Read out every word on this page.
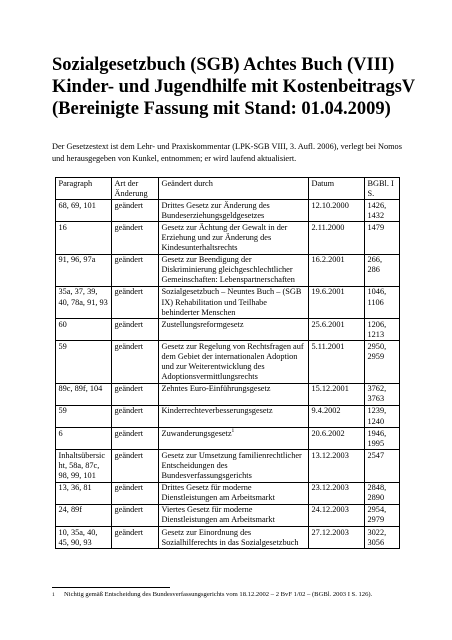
Sozialgesetzbuch (SGB) Achtes Buch (VIII)
Kinder- und Jugendhilfe mit KostenbeitragsV
(Bereinigte Fassung mit Stand: 01.04.2009)
Der Gesetzestext ist dem Lehr- und Praxiskommentar (LPK-SGB VIII, 3. Aufl. 2006), verlegt bei Nomos und herausgegeben von Kunkel, entnommen; er wird laufend aktualisiert.
Paragraph	Art der Änderung	Geändert durch	Datum	BGBl. I S.
68, 69, 101	geändert	Drittes Gesetz zur Änderung des Bundeserziehungsgeldgesetzes	12.10.2000	1426, 1432
16	geändert	Gesetz zur Ächtung der Gewalt in der Erziehung und zur Änderung des Kindesunterhaltsrechts	2.11.2000	1479
91, 96, 97a	geändert	Gesetz zur Beendigung der Diskriminierung gleichgeschlechtlicher Gemeinschaften: Lebenspartnerschaften	16.2.2001	266, 286
35a, 37, 39, 40, 78a, 91, 93	geändert	Sozialgesetzbuch – Neuntes Buch – (SGB IX) Rehabilitation und Teilhabe behinderter Menschen	19.6.2001	1046, 1106
60	geändert	Zustellungsreformgesetz	25.6.2001	1206, 1213
59	geändert	Gesetz zur Regelung von Rechtsfragen auf dem Gebiet der internationalen Adoption und zur Weiterentwicklung des Adoptionsvermittlungsrechts	5.11.2001	2950, 2959
89c, 89f, 104	geändert	Zehntes Euro-Einführungsgesetz	15.12.2001	3762, 3763
59	geändert	Kinderrechteverbesserungsgesetz	9.4.2002	1239, 1240
6	geändert	Zuwanderungsgesetz$^1$	20.6.2002	1946, 1995
Inhaltsübersicht, 58a, 87c, 98, 99, 101	geändert	Gesetz zur Umsetzung familienrechtlicher Entscheidungen des Bundesverfassungsgerichts	13.12.2003	2547
13, 36, 81	geändert	Drittes Gesetz für moderne Dienstleistungen am Arbeitsmarkt	23.12.2003	2848, 2890
24, 89f	geändert	Viertes Gesetz für moderne Dienstleistungen am Arbeitsmarkt	24.12.2003	2954, 2979
10, 35a, 40, 45, 90, 93	geändert	Gesetz zur Einordnung des Sozialhilferechts in das Sozialgesetzbuch	27.12.2003	3022, 3056
1	Nichtig gemäß Entscheidung des Bundesverfassungsgerichts vom 18.12.2002 – 2 BvF 1/02 – (BGBl. 2003 I S. 126).
